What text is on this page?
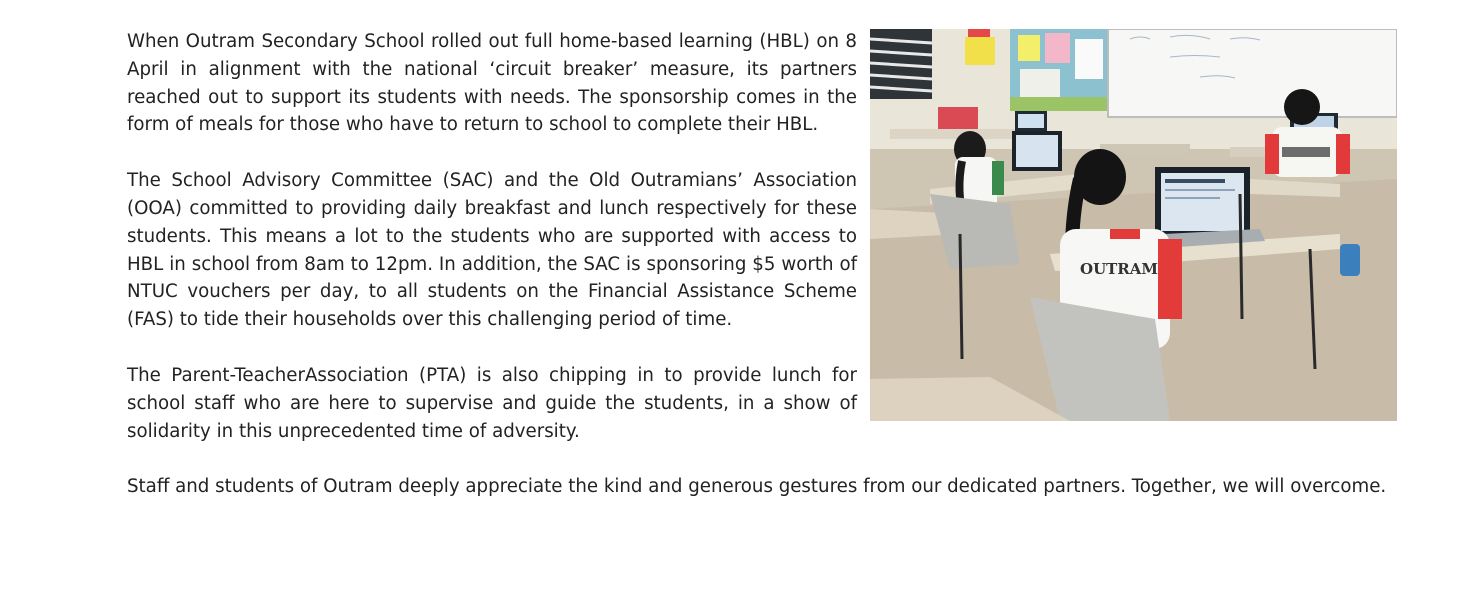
OUTRAM

When Outram Secondary School rolled out full home-based learning (HBL) on 8 April in alignment with the national ‘circuit breaker’ measure, its partners reached out to support its students with needs. The sponsorship comes in the form of meals for those who have to return to school to complete their HBL.

The School Advisory Committee (SAC) and the Old Outramians’ Association (OOA) committed to providing daily breakfast and lunch respectively for these students. This means a lot to the students who are supported with access to HBL in school from 8am to 12pm. In addition, the SAC is sponsoring $5 worth of NTUC vouchers per day, to all students on the Financial Assistance Scheme (FAS) to tide their households over this challenging period of time.

The Parent-TeacherAssociation (PTA) is also chipping in to provide lunch for school staff who are here to supervise and guide the students, in a show of solidarity in this unprecedented time of adversity.

Staff and students of Outram deeply appreciate the kind and generous gestures from our dedicated partners. Together, we will overcome.
